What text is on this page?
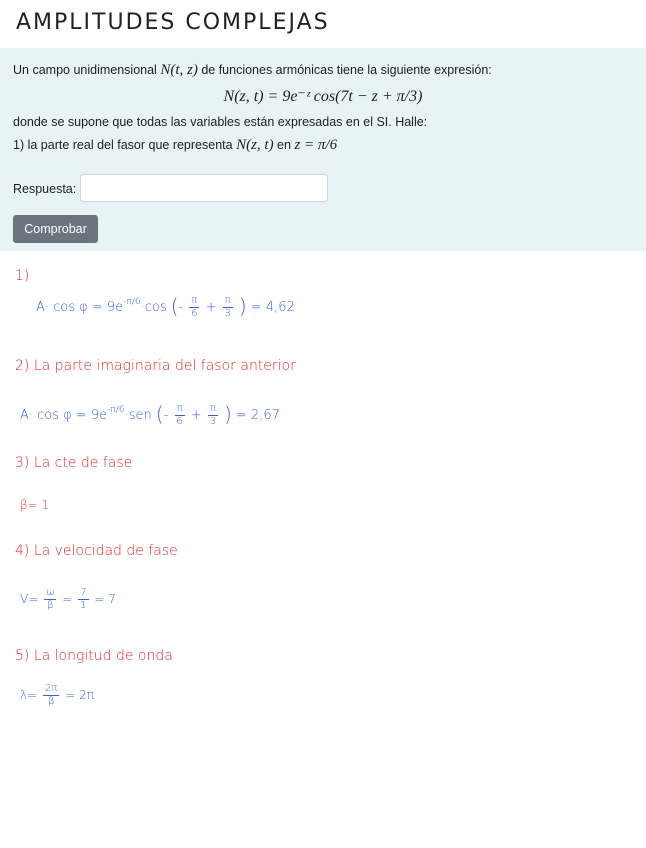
AMPLITUDES COMPLEJAS
Un campo unidimensional N(t, z) de funciones armónicas tiene la siguiente expresión:
N(z, t) = 9e⁻ᶻ cos(7t − z + π/3)
donde se supone que todas las variables están expresadas en el SI. Halle:
1) la parte real del fasor que representa N(z, t) en z = π/6
Respuesta:
Comprobar
1)
$A\cdot \cos \varphi = 9e^{-\pi/6}\cdot\cos$ (- $\frac{\pi}{6} + \frac{\pi}{3}$ ) = 4,62
2) La parte imaginaria del fasor anterior
$A\cdot \cos \varphi = 9e^{-\pi/6}\cdot sen$ (- $\frac{\pi}{6} + \frac{\pi}{3}$ ) = 2,67
3) La cte de fase
β= 1
4) La velocidad de fase
$V= \frac{\omega}{\beta} = \frac{7}{1} = 7$
5) La longitud de onda
$\lambda= \frac{2\pi}{\beta} = 2\pi$
